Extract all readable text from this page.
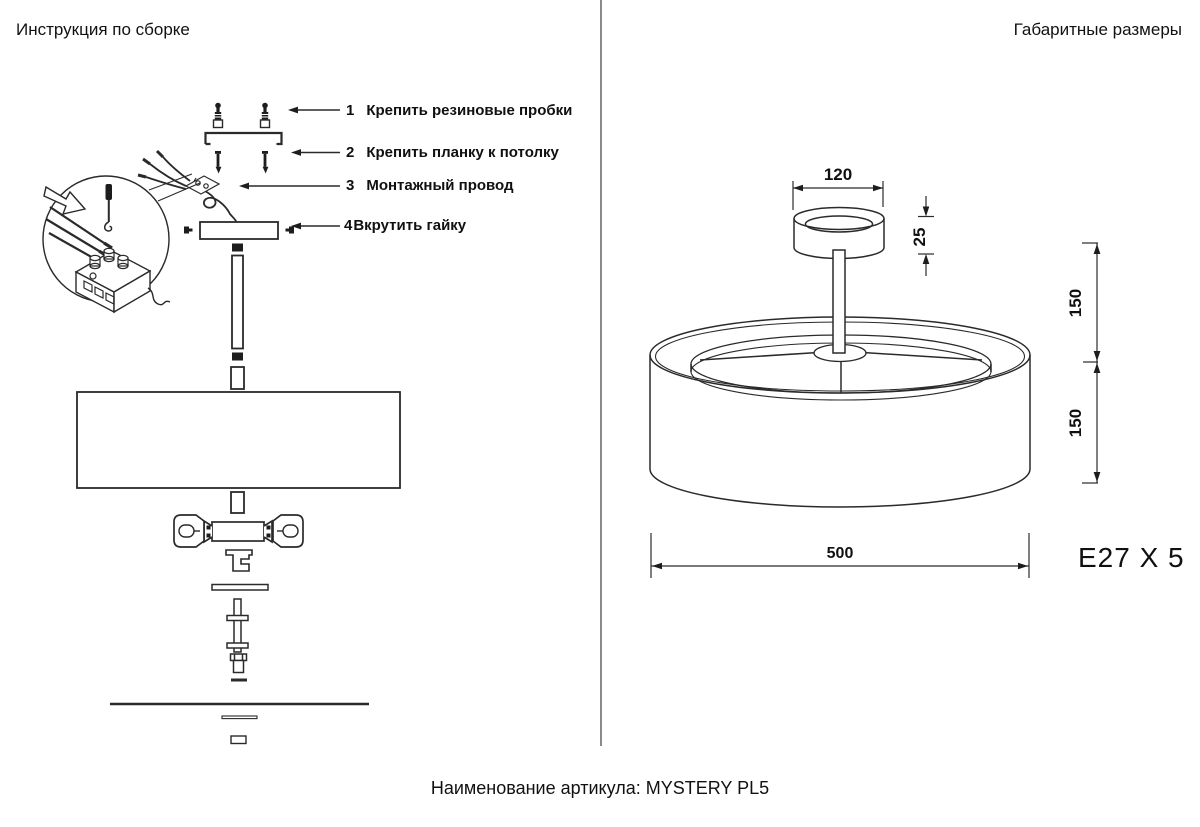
Инструкция по сборке	Габаритные размеры
1 Крепить резиновые пробки
2 Крепить планку к потолку
3 Монтажный провод
4 Вкрутить гайку
120
25
150
150
500	E27 X 5
Наименование артикула: MYSTERY PL5
